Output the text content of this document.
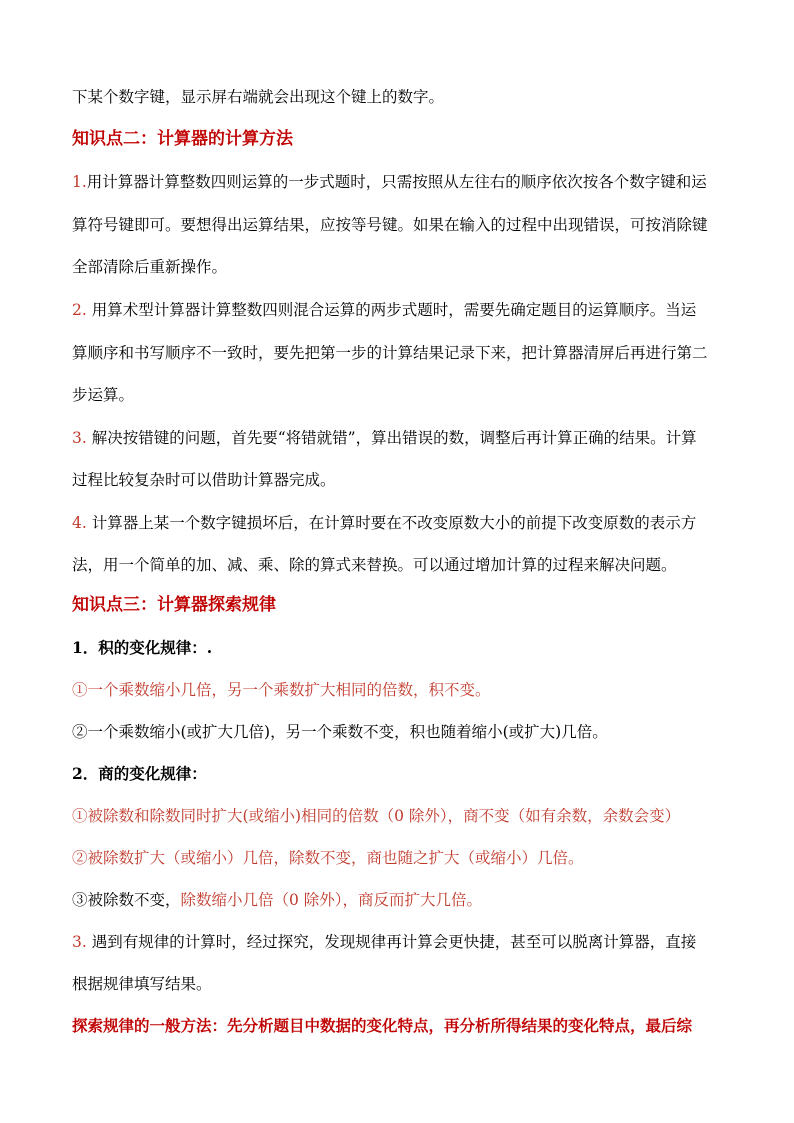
下某个数字键，显示屏右端就会出现这个键上的数字。
知识点二：计算器的计算方法
1.用计算器计算整数四则运算的一步式题时，只需按照从左往右的顺序依次按各个数字键和运
算符号键即可。要想得出运算结果，应按等号键。如果在输入的过程中出现错误，可按消除键
全部清除后重新操作。
2. 用算术型计算器计算整数四则混合运算的两步式题时，需要先确定题目的运算顺序。当运
算顺序和书写顺序不一致时，要先把第一步的计算结果记录下来，把计算器清屏后再进行第二
步运算。
3. 解决按错键的问题，首先要“将错就错”，算出错误的数，调整后再计算正确的结果。计算
过程比较复杂时可以借助计算器完成。
4. 计算器上某一个数字键损坏后，在计算时要在不改变原数大小的前提下改变原数的表示方
法，用一个简单的加、减、乘、除的算式来替换。可以通过增加计算的过程来解决问题。
知识点三：计算器探索规律
1．积的变化规律：.
①一个乘数缩小几倍，另一个乘数扩大相同的倍数，积不变。
②一个乘数缩小(或扩大几倍)，另一个乘数不变，积也随着缩小(或扩大)几倍。
2．商的变化规律：
①被除数和除数同时扩大(或缩小)相同的倍数（0 除外），商不变（如有余数，余数会变）
②被除数扩大（或缩小）几倍，除数不变，商也随之扩大（或缩小）几倍。
③被除数不变，除数缩小几倍（0 除外），商反而扩大几倍。
3. 遇到有规律的计算时，经过探究，发现规律再计算会更快捷，甚至可以脱离计算器，直接
根据规律填写结果。
探索规律的一般方法：先分析题目中数据的变化特点，再分析所得结果的变化特点，最后综
